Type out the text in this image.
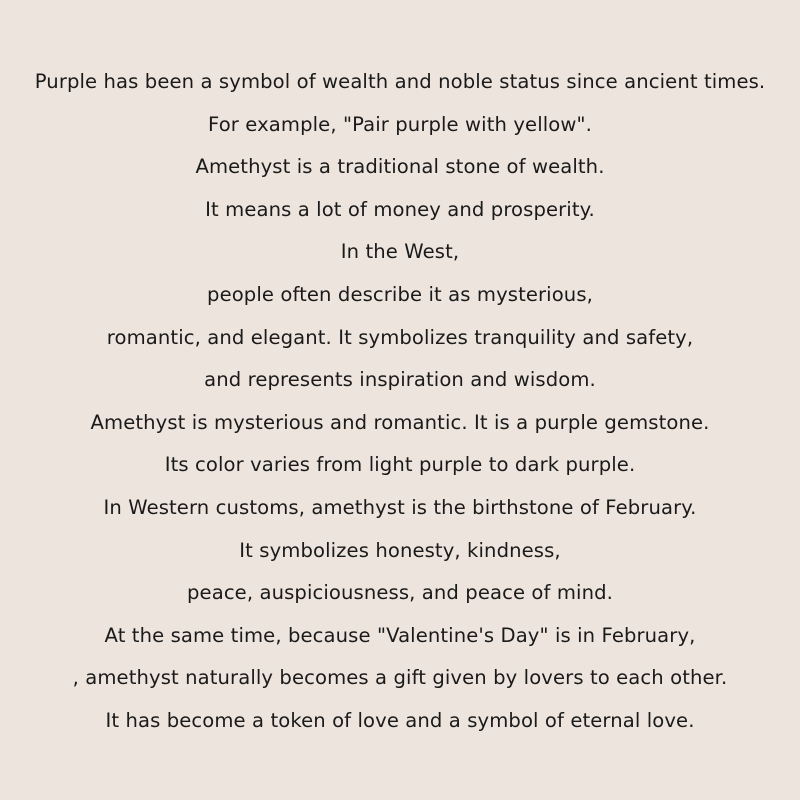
Purple has been a symbol of wealth and noble status since ancient times.
For example, "Pair purple with yellow".
Amethyst is a traditional stone of wealth.
It means a lot of money and prosperity.
In the West,
people often describe it as mysterious,
romantic, and elegant. It symbolizes tranquility and safety,
and represents inspiration and wisdom.
Amethyst is mysterious and romantic. It is a purple gemstone.
Its color varies from light purple to dark purple.
In Western customs, amethyst is the birthstone of February.
It symbolizes honesty, kindness,
peace, auspiciousness, and peace of mind.
At the same time, because "Valentine's Day" is in February,
, amethyst naturally becomes a gift given by lovers to each other.
It has become a token of love and a symbol of eternal love.
